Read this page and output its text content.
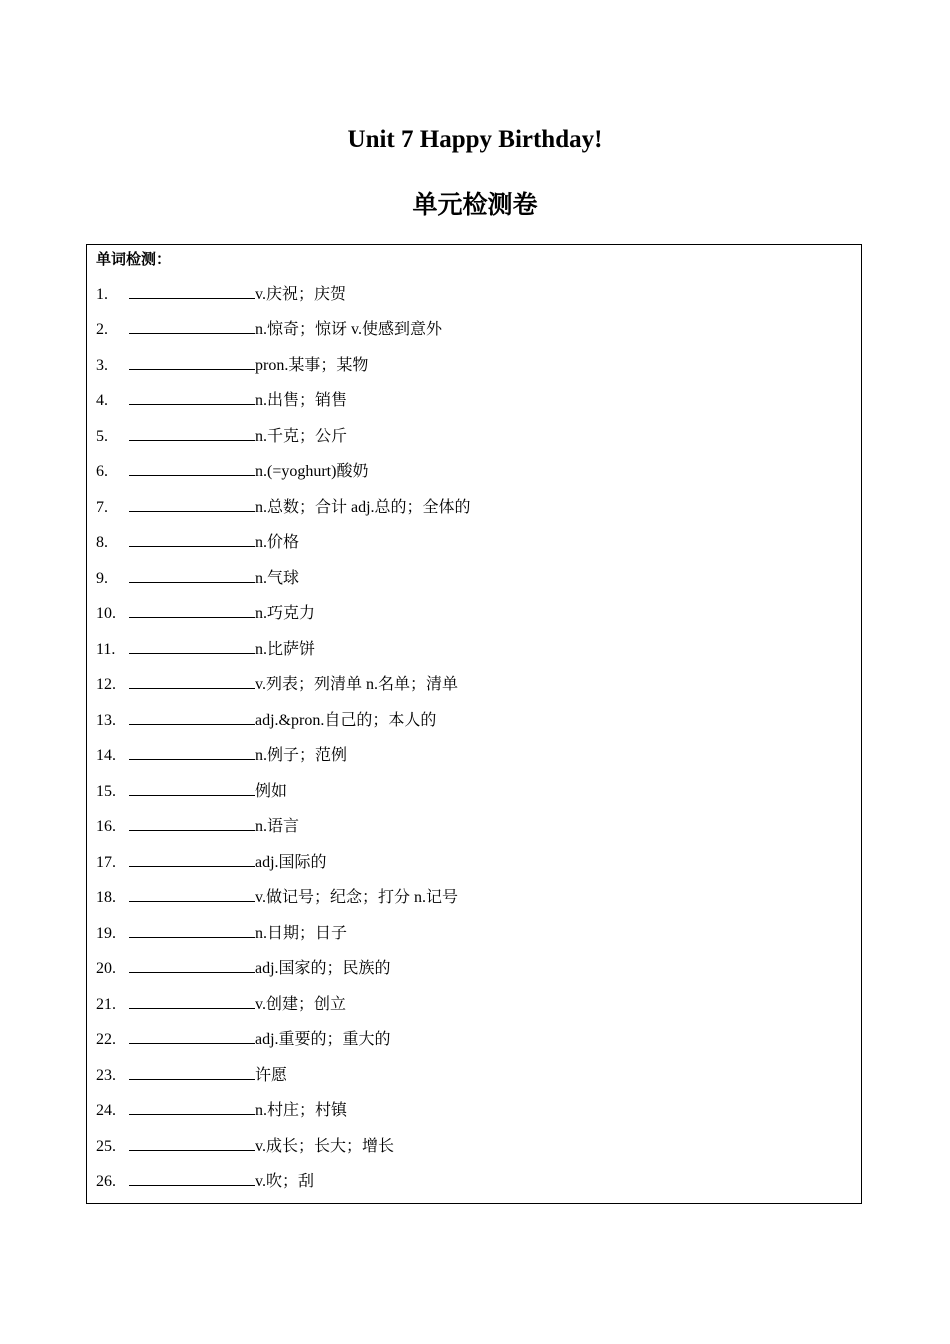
Unit 7 Happy Birthday!
单元检测卷
单词检测：
1.	v.庆祝；庆贺
2.	n.惊奇；惊讶 v.使感到意外
3.	pron.某事；某物
4.	n.出售；销售
5.	n.千克；公斤
6.	n.(=yoghurt)酸奶
7.	n.总数；合计 adj.总的；全体的
8.	n.价格
9.	n.气球
10.	n.巧克力
11.	n.比萨饼
12.	v.列表；列清单 n.名单；清单
13.	adj.&pron.自己的；本人的
14.	n.例子；范例
15.	例如
16.	n.语言
17.	adj.国际的
18.	v.做记号；纪念；打分 n.记号
19.	n.日期；日子
20.	adj.国家的；民族的
21.	v.创建；创立
22.	adj.重要的；重大的
23.	许愿
24.	n.村庄；村镇
25.	v.成长；长大；增长
26.	v.吹；刮
